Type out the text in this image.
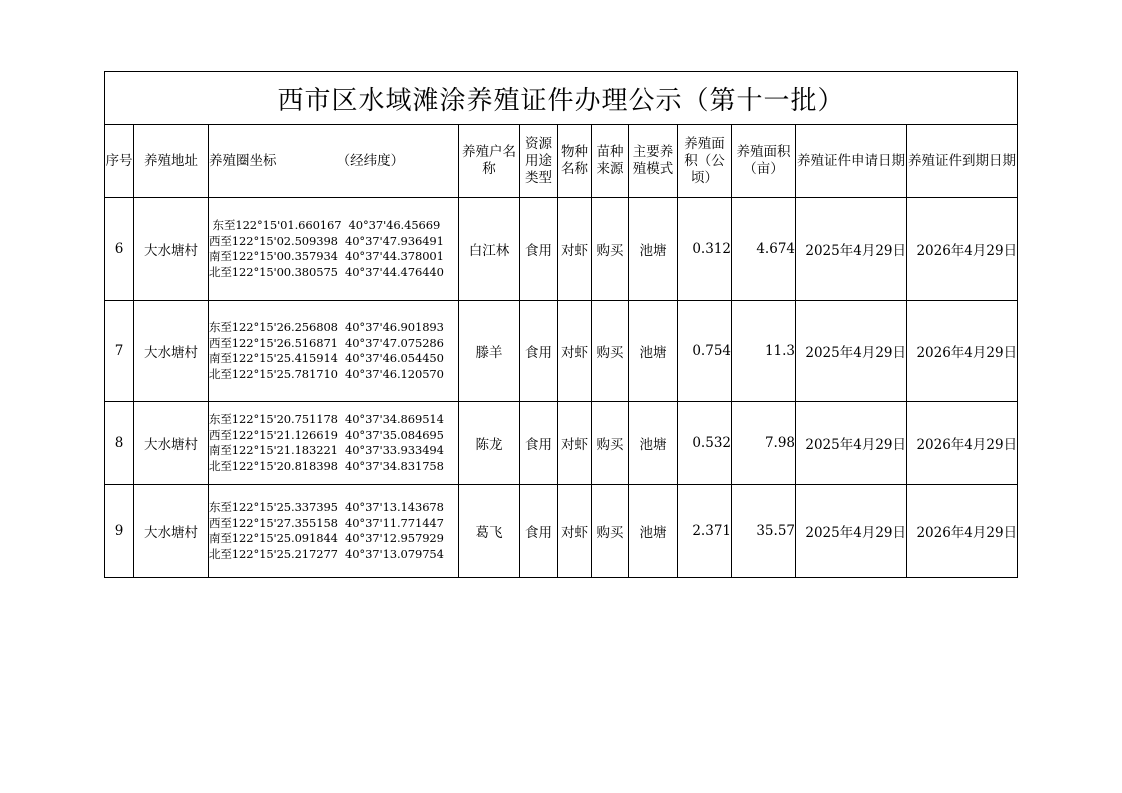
西市区水域滩涂养殖证件办理公示（第十一批）											
序号	养殖地址	养殖圈坐标              （经纬度）	养殖户名称	资源用途类型	物种名称	苗种来源	主要养殖模式	养殖面积（公顷）	养殖面积（亩）	养殖证件申请日期	养殖证件到期日期
6	大水塘村	东至122°15'01.660167  40°37'46.45669
西至122°15'02.509398  40°37'47.936491
南至122°15'00.357934  40°37'44.378001
北至122°15'00.380575  40°37'44.476440	白江林	食用	对虾	购买	池塘	0.312	4.674	2025年4月29日	2026年4月29日
7	大水塘村	东至122°15'26.256808  40°37'46.901893
西至122°15'26.516871  40°37'47.075286
南至122°15'25.415914  40°37'46.054450
北至122°15'25.781710  40°37'46.120570	滕羊	食用	对虾	购买	池塘	0.754	11.3	2025年4月29日	2026年4月29日
8	大水塘村	东至122°15'20.751178  40°37'34.869514
西至122°15'21.126619  40°37'35.084695
南至122°15'21.183221  40°37'33.933494
北至122°15'20.818398  40°37'34.831758	陈龙	食用	对虾	购买	池塘	0.532	7.98	2025年4月29日	2026年4月29日
9	大水塘村	东至122°15'25.337395  40°37'13.143678
西至122°15'27.355158  40°37'11.771447
南至122°15'25.091844  40°37'12.957929
北至122°15'25.217277  40°37'13.079754	葛飞	食用	对虾	购买	池塘	2.371	35.57	2025年4月29日	2026年4月29日
